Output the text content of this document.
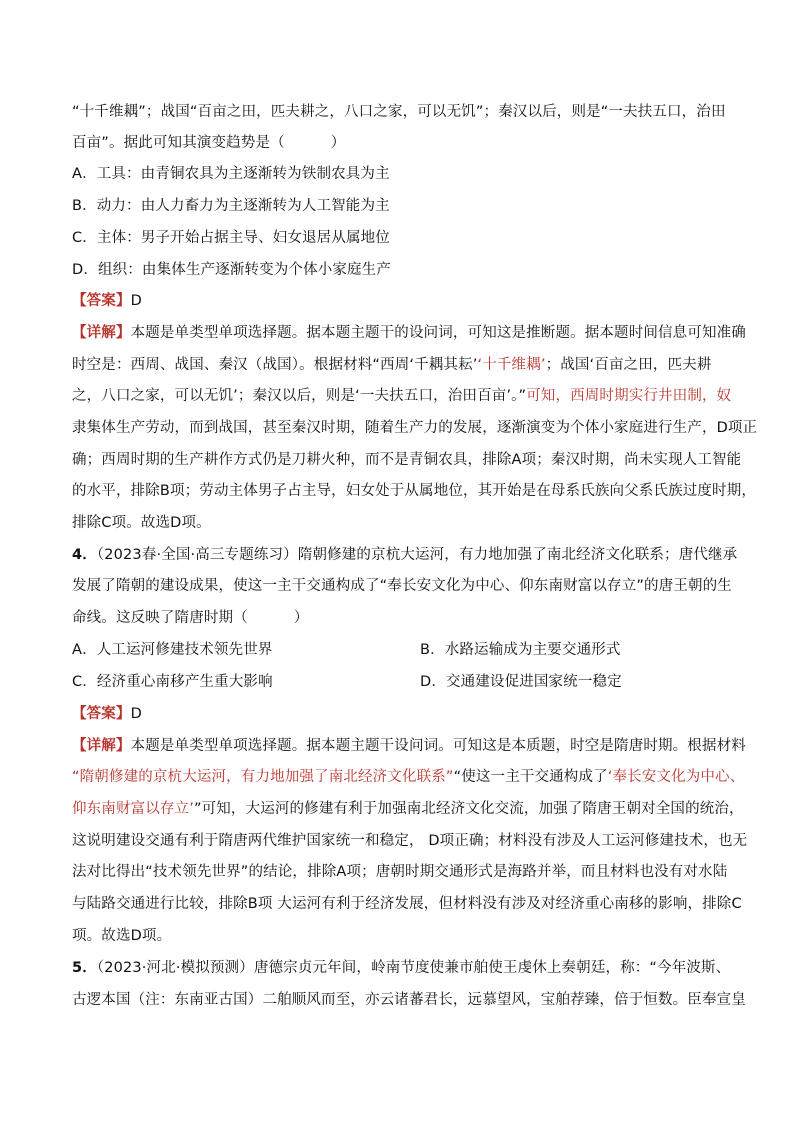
“十千维耦”；战国“百亩之田，匹夫耕之，八口之家，可以无饥”；秦汉以后，则是“一夫扶五口，治田
百亩”。据此可知其演变趋势是（	）
A．工具：由青铜农具为主逐渐转为铁制农具为主
B．动力：由人力畜力为主逐渐转为人工智能为主
C．主体：男子开始占据主导、妇女退居从属地位
D．组织：由集体生产逐渐转变为个体小家庭生产
【答案】D
【详解】本题是单类型单项选择题。据本题主题干的设问词，可知这是推断题。据本题时间信息可知准确
时空是：西周、战国、秦汉（战国）。根据材料“西周‘千耦其耘’‘十千维耦’；战国‘百亩之田，匹夫耕
之，八口之家，可以无饥’；秦汉以后，则是‘一夫扶五口，治田百亩’。”可知，西周时期实行井田制，奴
隶集体生产劳动，而到战国，甚至秦汉时期，随着生产力的发展，逐渐演变为个体小家庭进行生产，D项正
确；西周时期的生产耕作方式仍是刀耕火种，而不是青铜农具，排除A项；秦汉时期，尚未实现人工智能
的水平，排除B项；劳动主体男子占主导，妇女处于从属地位，其开始是在母系氏族向父系氏族过度时期，
排除C项。故选D项。
4．（2023春·全国·高三专题练习）隋朝修建的京杭大运河，有力地加强了南北经济文化联系；唐代继承
发展了隋朝的建设成果，使这一主干交通构成了“奉长安文化为中心、仰东南财富以存立”的唐王朝的生
命线。这反映了隋唐时期（	）
A．人工运河修建技术领先世界	B．水路运输成为主要交通形式
C．经济重心南移产生重大影响	D．交通建设促进国家统一稳定
【答案】D
【详解】本题是单类型单项选择题。据本题主题干设问词。可知这是本质题，时空是隋唐时期。根据材料
“隋朝修建的京杭大运河，有力地加强了南北经济文化联系”“使这一主干交通构成了‘奉长安文化为中心、
仰东南财富以存立’”可知，大运河的修建有利于加强南北经济文化交流，加强了隋唐王朝对全国的统治，
这说明建设交通有利于隋唐两代维护国家统一和稳定， D项正确；材料没有涉及人工运河修建技术，也无
法对比得出“技术领先世界”的结论，排除A项；唐朝时期交通形式是海路并举，而且材料也没有对水陆
与陆路交通进行比较，排除B项 大运河有利于经济发展，但材料没有涉及对经济重心南移的影响，排除C
项。故选D项。
5．（2023·河北·模拟预测）唐德宗贞元年间，岭南节度使兼市舶使王虔休上奏朝廷，称：“今年波斯、
古逻本国（注：东南亚古国）二舶顺风而至，亦云诸蕃君长，远慕望风，宝舶荐臻，倍于恒数。臣奉宣皇
